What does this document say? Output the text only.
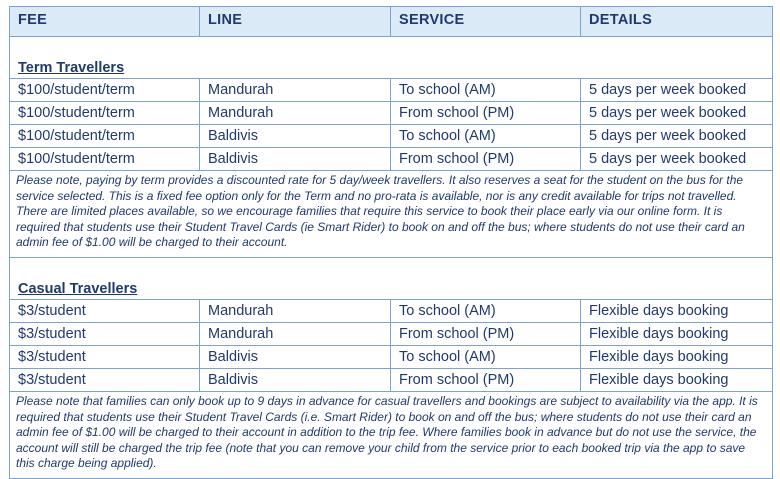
FEE	LINE	SERVICE	DETAILS

Term Travellers			
$100/student/term	Mandurah	To school (AM)	5 days per week booked
$100/student/term	Mandurah	From school (PM)	5 days per week booked
$100/student/term	Baldivis	To school (AM)	5 days per week booked
$100/student/term	Baldivis	From school (PM)	5 days per week booked
Please note, paying by term provides a discounted rate for 5 day/week travellers. It also reserves a seat for the student on the bus for the service selected. This is a fixed fee option only for the Term and no pro-rata is available, nor is any credit available for trips not travelled. There are limited places available, so we encourage families that require this service to book their place early via our online form. It is required that students use their Student Travel Cards (ie Smart Rider) to book on and off the bus; where students do not use their card an admin fee of $1.00 will be charged to their account.			

Casual Travellers			
$3/student	Mandurah	To school (AM)	Flexible days booking
$3/student	Mandurah	From school (PM)	Flexible days booking
$3/student	Baldivis	To school (AM)	Flexible days booking
$3/student	Baldivis	From school (PM)	Flexible days booking
Please note that families can only book up to 9 days in advance for casual travellers and bookings are subject to availability via the app. It is required that students use their Student Travel Cards (i.e. Smart Rider) to book on and off the bus; where students do not use their card an admin fee of $1.00 will be charged to their account in addition to the trip fee. Where families book in advance but do not use the service, the account will still be charged the trip fee (note that you can remove your child from the service prior to each booked trip via the app to save this charge being applied).			
